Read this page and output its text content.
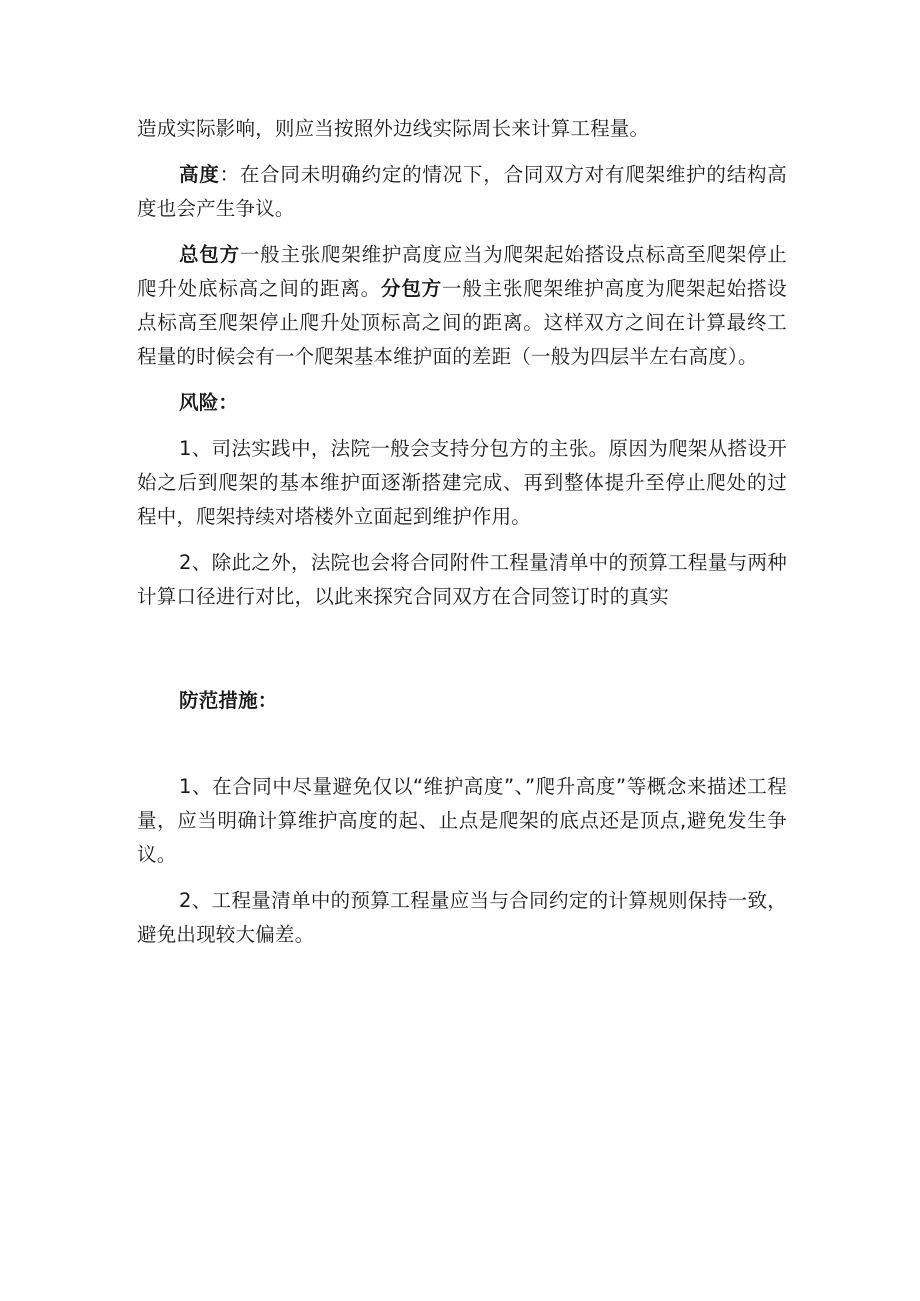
造成实际影响，则应当按照外边线实际周长来计算工程量。

高度：在合同未明确约定的情况下，合同双方对有爬架维护的结构高度也会产生争议。

总包方一般主张爬架维护高度应当为爬架起始搭设点标高至爬架停止爬升处底标高之间的距离。分包方一般主张爬架维护高度为爬架起始搭设点标高至爬架停止爬升处顶标高之间的距离。这样双方之间在计算最终工程量的时候会有一个爬架基本维护面的差距（一般为四层半左右高度）。

风险：

1、司法实践中，法院一般会支持分包方的主张。原因为爬架从搭设开始之后到爬架的基本维护面逐渐搭建完成、再到整体提升至停止爬处的过程中，爬架持续对塔楼外立面起到维护作用。

2、除此之外，法院也会将合同附件工程量清单中的预算工程量与两种计算口径进行对比，以此来探究合同双方在合同签订时的真实

防范措施：

1、在合同中尽量避免仅以“维护高度”、”爬升高度”等概念来描述工程量，应当明确计算维护高度的起、止点是爬架的底点还是顶点,避免发生争议。

2、工程量清单中的预算工程量应当与合同约定的计算规则保持一致，避免出现较大偏差。
